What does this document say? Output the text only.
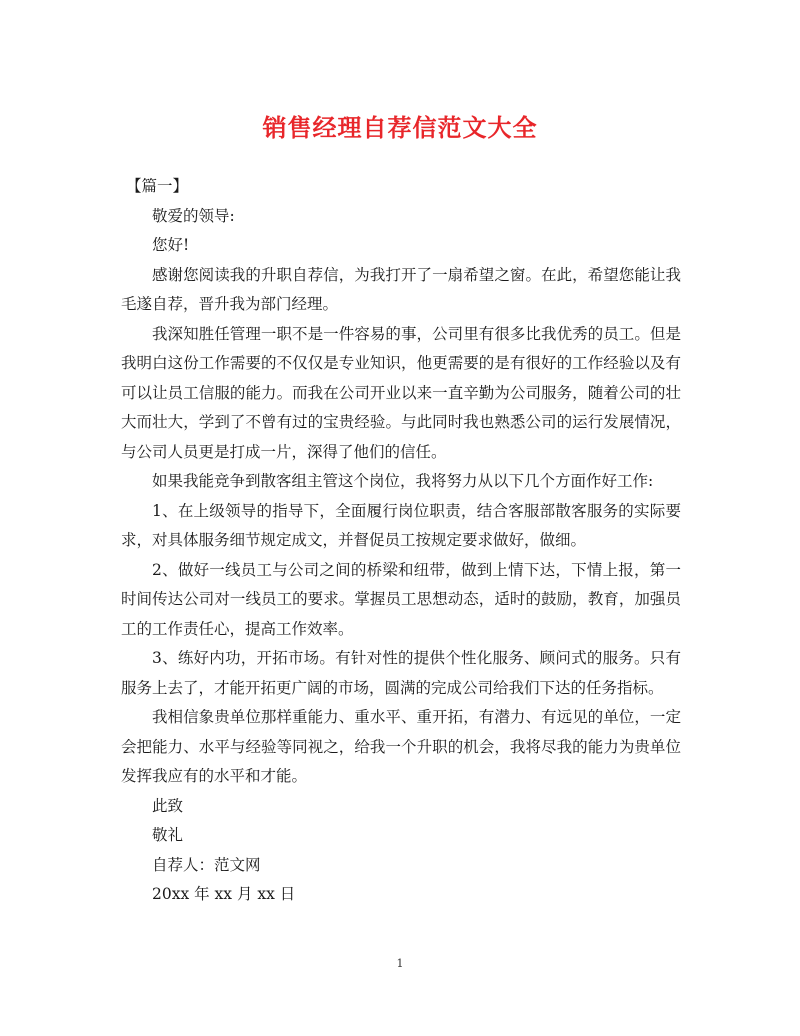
销售经理自荐信范文大全

【篇一】

敬爱的领导:

您好!

感谢您阅读我的升职自荐信，为我打开了一扇希望之窗。在此，希望您能让我毛遂自荐，晋升我为部门经理。

我深知胜任管理一职不是一件容易的事，公司里有很多比我优秀的员工。但是我明白这份工作需要的不仅仅是专业知识，他更需要的是有很好的工作经验以及有可以让员工信服的能力。而我在公司开业以来一直辛勤为公司服务，随着公司的壮大而壮大，学到了不曾有过的宝贵经验。与此同时我也熟悉公司的运行发展情况，与公司人员更是打成一片，深得了他们的信任。

如果我能竞争到散客组主管这个岗位，我将努力从以下几个方面作好工作:

1、在上级领导的指导下，全面履行岗位职责，结合客服部散客服务的实际要求，对具体服务细节规定成文，并督促员工按规定要求做好，做细。

2、做好一线员工与公司之间的桥梁和纽带，做到上情下达，下情上报，第一时间传达公司对一线员工的要求。掌握员工思想动态，适时的鼓励，教育，加强员工的工作责任心，提高工作效率。

3、练好内功，开拓市场。有针对性的提供个性化服务、顾问式的服务。只有服务上去了，才能开拓更广阔的市场，圆满的完成公司给我们下达的任务指标。

我相信象贵单位那样重能力、重水平、重开拓，有潜力、有远见的单位，一定会把能力、水平与经验等同视之，给我一个升职的机会，我将尽我的能力为贵单位发挥我应有的水平和才能。

此致

敬礼

自荐人：范文网

20xx 年 xx 月 xx 日

1
